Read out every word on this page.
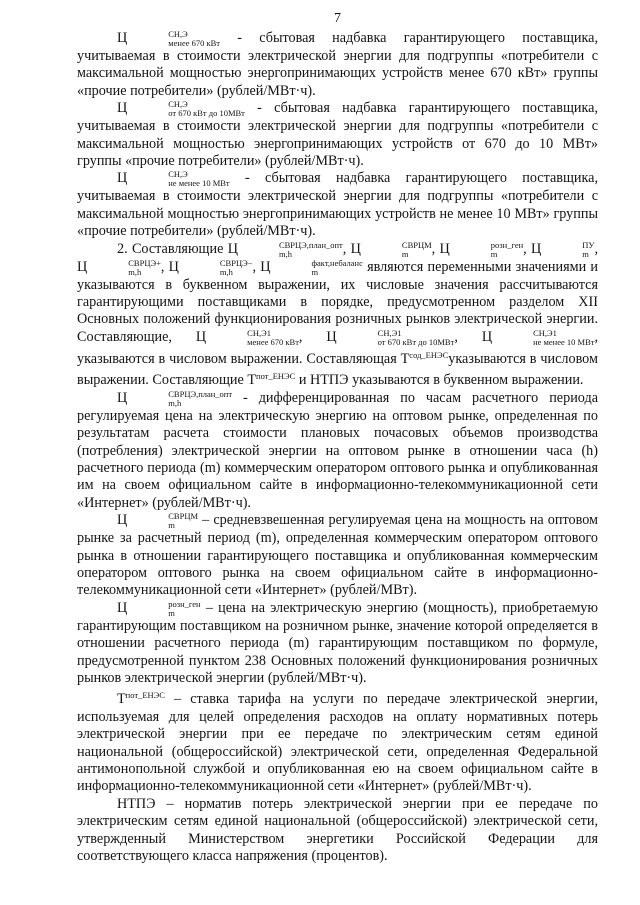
7

Ц	СН,Э
менее 670 кВт - сбытовая надбавка гарантирующего поставщика, учитываемая в стоимости электрической энергии для подгруппы «потребители с максимальной мощностью энергопринимающих устройств менее 670 кВт» группы «прочие потребители» (рублей/МВт·ч).

Ц	СН,Э
от 670 кВт до 10МВт - сбытовая надбавка гарантирующего поставщика, учитываемая в стоимости электрической энергии для подгруппы «потребители с максимальной мощностью энергопринимающих устройств от 670 до 10 МВт» группы «прочие потребители» (рублей/МВт·ч).

Ц	СН,Э
не менее 10 МВт - сбытовая надбавка гарантирующего поставщика, учитываемая в стоимости электрической энергии для подгруппы «потребители с максимальной мощностью энергопринимающих устройств не менее 10 МВт» группы «прочие потребители» (рублей/МВт·ч).

2. Составляющие Ц	СВРЦЭ,план_опт
m,h	, Ц	СВРЦМ
m	, Ц	розн_ген
m	, Ц	ПУ
m , Ц	СВРЦЭ+
m,h	, Ц	СВРЦЭ−
m,h	, Ц	факт,небаланс
m	являются переменными значениями и указываются в буквенном выражении, их числовые значения рассчитываются гарантирующими поставщиками в порядке, предусмотренном разделом XII Основных положений функционирования розничных рынков электрической энергии. Составляющие, Ц	СН,Э1
менее 670 кВт , Ц	СН,Э1
от 670 кВт до 10МВт , Ц	СН,Э1
не менее 10 МВт , указываются в числовом выражении. Составляющая $Т^{сод\_ЕНЭС}указываются$ в числовом выражении. Составляющие $Т^{пот\_ЕНЭС}$ и НТПЭ указываются в буквенном выражении.

Ц	СВРЦЭ,план_опт
m,h	- дифференцированная по часам расчетного периода регулируемая цена на электрическую энергию на оптовом рынке, определенная по результатам расчета стоимости плановых почасовых объемов производства (потребления) электрической энергии на оптовом рынке в отношении часа (h) расчетного периода (m) коммерческим оператором оптового рынка и опубликованная им на своем официальном сайте в информационно-телекоммуникационной сети «Интернет» (рублей/МВт·ч).

Ц	СВРЦМ
m	– средневзвешенная регулируемая цена на мощность на оптовом рынке за расчетный период (m), определенная коммерческим оператором оптового рынка в отношении гарантирующего поставщика и опубликованная коммерческим оператором оптового рынка на своем официальном сайте в информационно-телекоммуникационной сети «Интернет» (рублей/МВт).

Ц	розн_ген
m	– цена на электрическую энергию (мощность), приобретаемую гарантирующим поставщиком на розничном рынке, значение которой определяется в отношении расчетного периода (m) гарантирующим поставщиком по формуле, предусмотренной пунктом 238 Основных положений функционирования розничных рынков электрической энергии (рублей/МВт·ч).

$Т^{пот\_ЕНЭС}$ – ставка тарифа на услуги по передаче электрической энергии, используемая для целей определения расходов на оплату нормативных потерь электрической энергии при ее передаче по электрическим сетям единой национальной (общероссийской) электрической сети, определенная Федеральной антимонопольной службой и опубликованная ею на своем официальном сайте в информационно-телекоммуникационной сети «Интернет» (рублей/МВт·ч).

НТПЭ – норматив потерь электрической энергии при ее передаче по электрическим сетям единой национальной (общероссийской) электрической сети, утвержденный Министерством энергетики Российской Федерации для соответствующего класса напряжения (процентов).
